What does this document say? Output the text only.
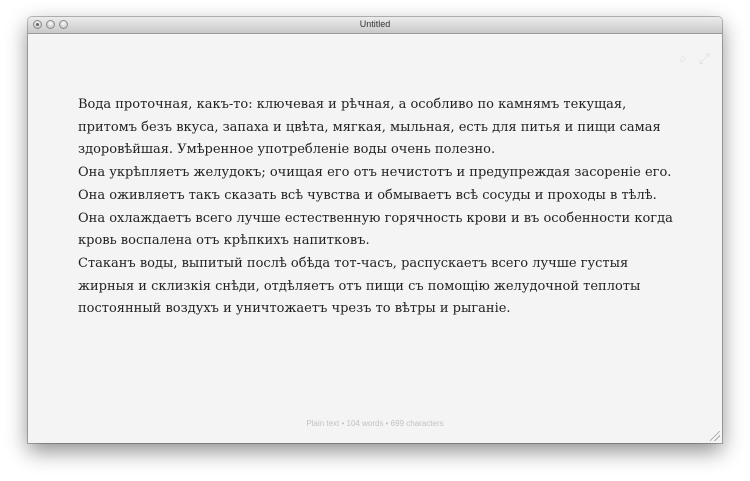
Untitled
⌕ ⤢

Вода проточная, какъ-то: ключевая и рѣчная, а особливо по камнямъ текущая, притомъ безъ вкуса, запаха и цвѣта, мягкая, мыльная, есть для питья и пищи самая здоровѣйшая. Умѣренное употребленіе воды очень полезно.

Она укрѣпляетъ желудокъ; очищая его отъ нечистотъ и предупреждая засореніе его. Она оживляетъ такъ сказать всѣ чувства и обмываетъ всѣ сосуды и проходы в тѣлѣ.

Она охлаждаетъ всего лучше естественную горячность крови и въ особенности когда кровь воспалена отъ крѣпкихъ напитковъ.

Стаканъ воды, выпитый послѣ обѣда тот-часъ, распускаетъ всего лучше густыя жирныя и склизкія снѣди, отдѣляетъ отъ пищи съ помощію желудочной теплоты постоянный воздухъ и уничтожаетъ чрезъ то вѣтры и рыганіе.

Plain text • 104 words • 699 characters
